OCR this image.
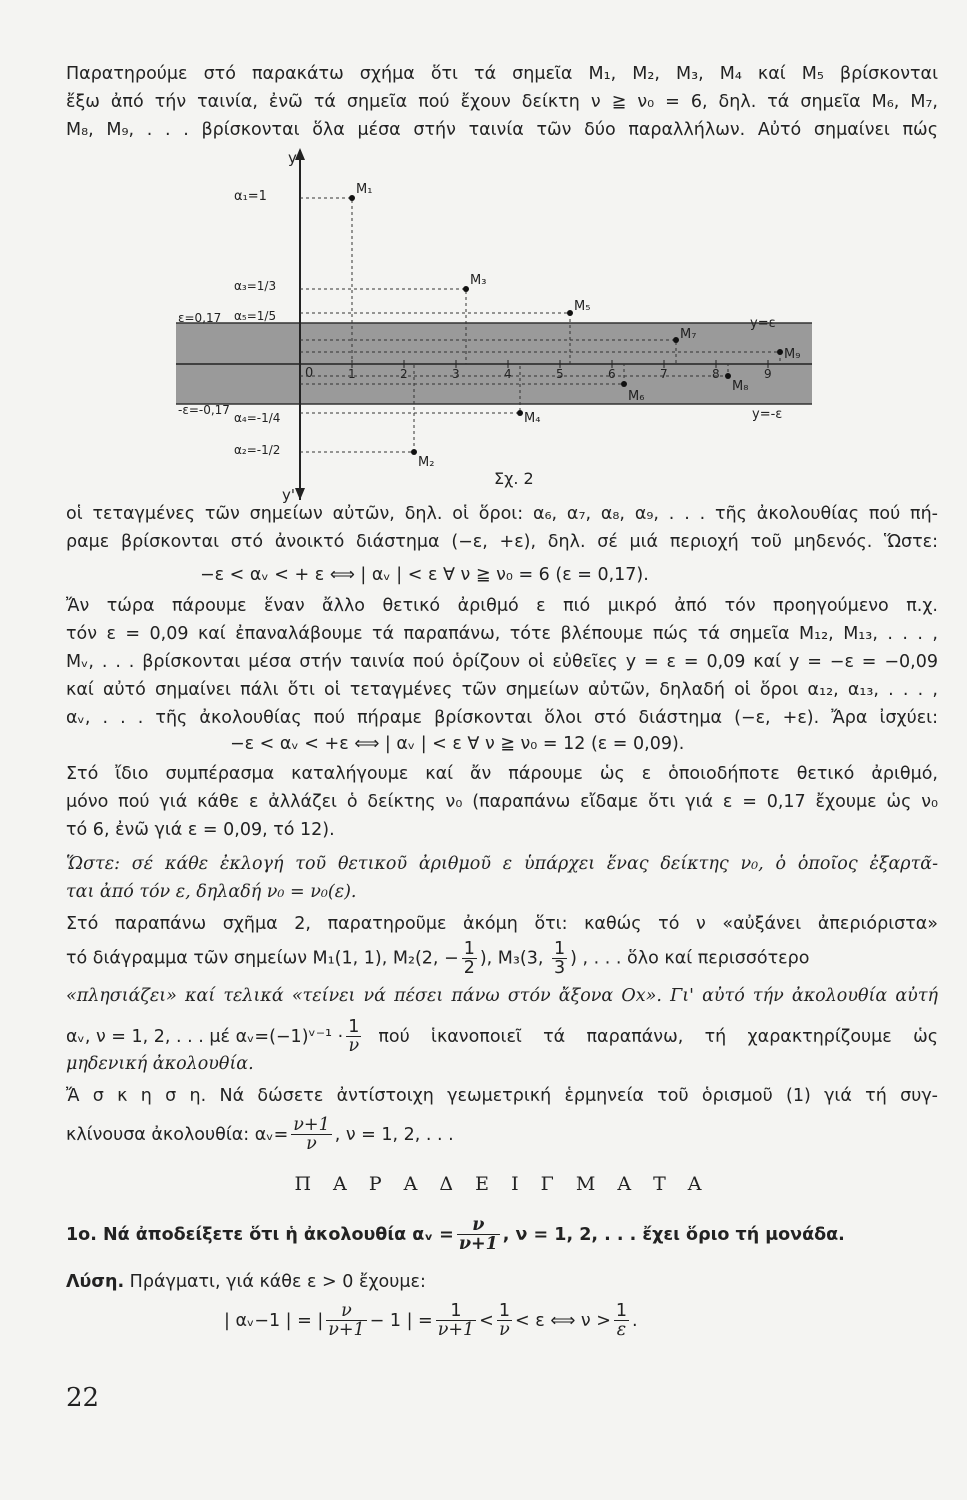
Παρατηρούμε στό παρακάτω σχήμα ὅτι τά σημεῖα M₁, M₂, M₃, M₄ καί M₅ βρίσκονται
ἔξω ἀπό τήν ταινία, ἐνῶ τά σημεῖα πού ἔχουν δείκτη ν ≧ ν₀ = 6, δηλ. τά σημεῖα M₆, M₇,
M₈, M₉, . . . βρίσκονται ὅλα μέσα στήν ταινία τῶν δύο παραλλήλων. Αὐτό σημαίνει πώς
y
y'
0	1	2	3	4	5	6	7	8	9
α₁=1
α₃=1/3
α₅=1/5
ε=0,17
-ε=-0,17
α₄=-1/4
α₂=-1/2
y=ε
y=-ε
M₁
M₂
M₃
M₄
M₅
M₆
M₇
M₈
M₉
Σχ. 2
οἱ τεταγμένες τῶν σημείων αὐτῶν, δηλ. οἱ ὅροι: α₆, α₇, α₈, α₉, . . . τῆς ἀκολουθίας πού πή-
ραμε βρίσκονται στό ἀνοικτό διάστημα (−ε, +ε), δηλ. σέ μιά περιοχή τοῦ μηδενός. Ὥστε:
−ε < αᵥ < + ε ⟺ | αᵥ | < ε ∀ ν ≧ ν₀ = 6 (ε = 0,17).
Ἄν τώρα πάρουμε ἕναν ἄλλο θετικό ἀριθμό ε πιό μικρό ἀπό τόν προηγούμενο π.χ.
τόν ε = 0,09 καί ἐπαναλάβουμε τά παραπάνω, τότε βλέπουμε πώς τά σημεῖα M₁₂, M₁₃, . . . ,
Mᵥ, . . . βρίσκονται μέσα στήν ταινία πού ὁρίζουν οἱ εὐθεῖες y = ε = 0,09 καί y = −ε = −0,09
καί αὐτό σημαίνει πάλι ὅτι οἱ τεταγμένες τῶν σημείων αὐτῶν, δηλαδή οἱ ὅροι α₁₂, α₁₃, . . . ,
αᵥ, . . . τῆς ἀκολουθίας πού πήραμε βρίσκονται ὅλοι στό διάστημα (−ε, +ε). Ἄρα ἰσχύει:
−ε < αᵥ < +ε ⟺ | αᵥ | < ε ∀ ν ≧ ν₀ = 12 (ε = 0,09).
Στό ἴδιο συμπέρασμα καταλήγουμε καί ἄν πάρουμε ὡς ε ὁποιοδήποτε θετικό ἀριθμό,
μόνο πού γιά κάθε ε ἀλλάζει ὁ δείκτης ν₀ (παραπάνω εἴδαμε ὅτι γιά ε = 0,17 ἔχουμε ὡς ν₀
τό 6, ἐνῶ γιά ε = 0,09, τό 12).
Ὥστε: σέ κάθε ἐκλογή τοῦ θετικοῦ ἀριθμοῦ ε ὑπάρχει ἕνας δείκτης ν₀, ὁ ὁποῖος ἐξαρτᾶ-
ται ἀπό τόν ε, δηλαδή ν₀ = ν₀(ε).
Στό παραπάνω σχῆμα 2, παρατηροῦμε ἀκόμη ὅτι: καθώς τό ν «αὐξάνει ἀπεριόριστα»
τό διάγραμμα τῶν σημείων M₁(1, 1), M₂(2, − $\frac{1}{2}$ ), M₃(3, $\frac{1}{3}$ ) , . . . ὅλο καί περισσότερο
«πλησιάζει» καί τελικά «τείνει νά πέσει πάνω στόν ἄξονα Ox». Γι' αὐτό τήν ἀκολουθία αὐτή
αᵥ, ν = 1, 2, . . . μέ αᵥ=(−1)ᵛ⁻¹ · $\frac{1}{\nu}$ πού ἱκανοποιεῖ τά παραπάνω, τή χαρακτηρίζουμε ὡς
μηδενική ἀκολουθία.
Ἄ σ κ η σ η. Νά δώσετε ἀντίστοιχη γεωμετρική ἑρμηνεία τοῦ ὁρισμοῦ (1) γιά τή συγ-
κλίνουσα ἀκολουθία: αᵥ= $\frac{\nu+1}{\nu}$ , ν = 1, 2, . . .
Π Α Ρ Α Δ Ε Ι Γ Μ Α Τ Α
1ο. Νά ἀποδείξετε ὅτι ἡ ἀκολουθία αᵥ = $\frac{\nu}{\nu+1}$ , ν = 1, 2, . . . ἔχει ὅριο τή μονάδα.
Λύση. Πράγματι, γιά κάθε ε > 0 ἔχουμε:
| αᵥ−1 | = | $\frac{\nu}{\nu+1} - 1$ | = $\frac{1}{\nu+1} < \frac{1}{\nu} < \varepsilon$ ⟺ $\nu > \frac{1}{\varepsilon}$ .
22
